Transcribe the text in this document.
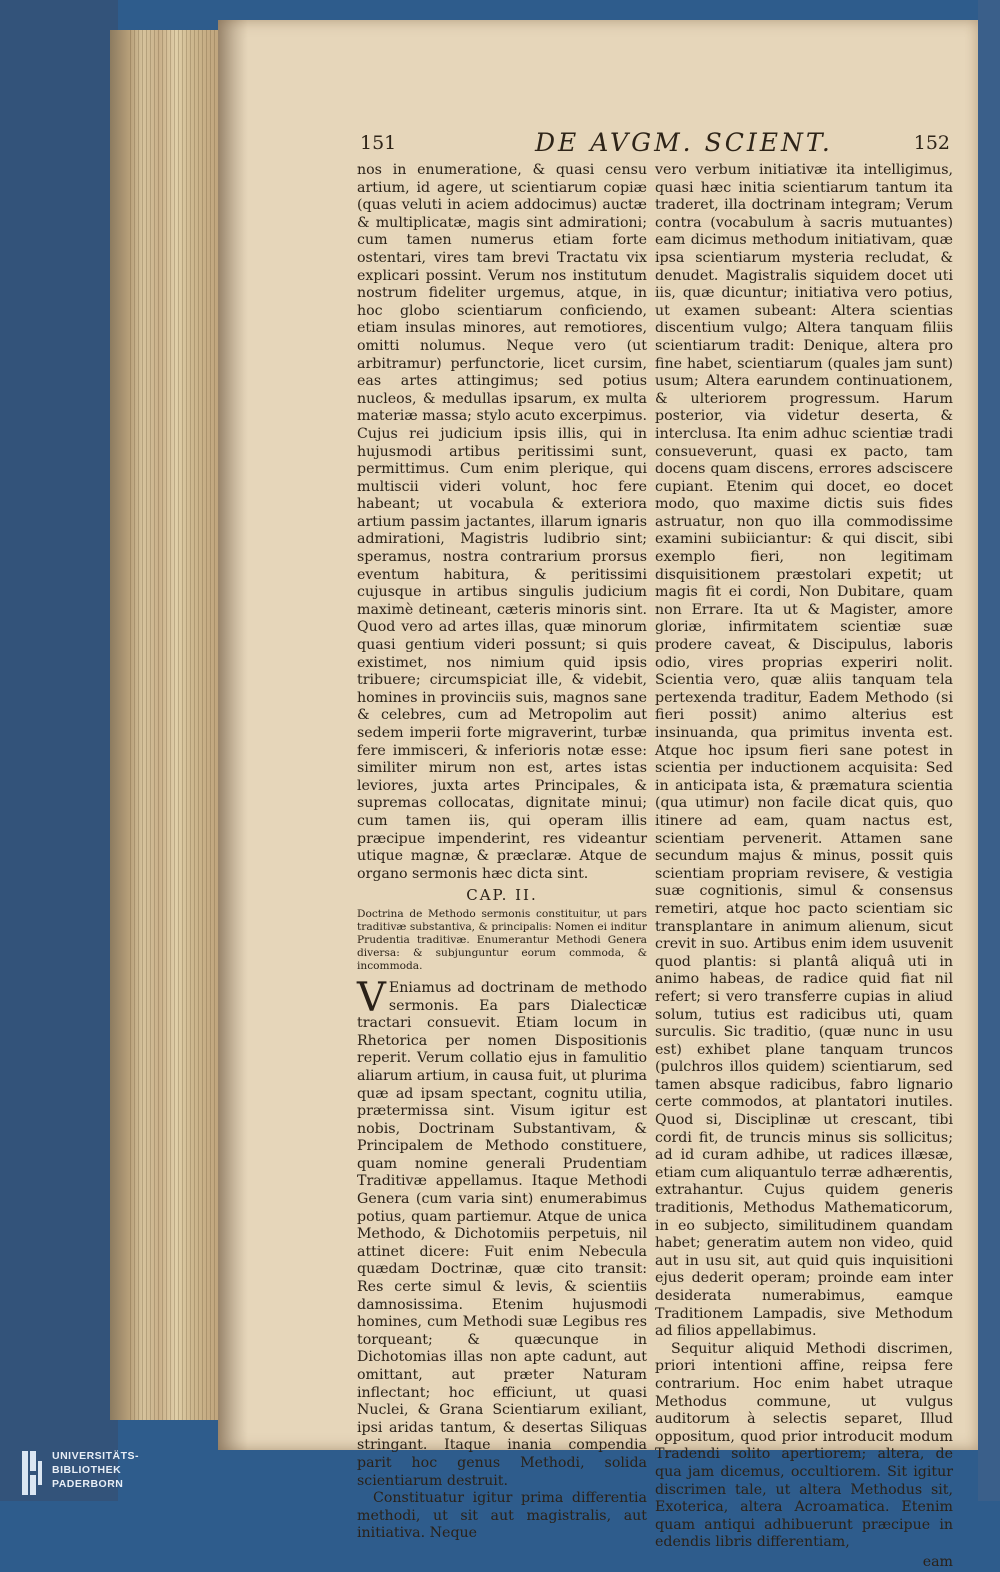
151	DE AVGM. SCIENT.	152

nos in enumeratione, & quasi censu artium, id agere, ut scientiarum copiæ (quas veluti in aciem addocimus) auctæ & multiplicatæ, magis sint admirationi; cum tamen numerus etiam forte ostentari, vires tam brevi Tractatu vix explicari possint. Verum nos institutum nostrum fideliter urgemus, atque, in hoc globo scientiarum conficiendo, etiam insulas minores, aut remotiores, omitti nolumus. Neque vero (ut arbitramur) perfunctorie, licet cursim, eas artes attingimus; sed potius nucleos, & medullas ipsarum, ex multa materiæ massa; stylo acuto excerpimus. Cujus rei judicium ipsis illis, qui in hujusmodi artibus peritissimi sunt, permittimus. Cum enim plerique, qui multiscii videri volunt, hoc fere habeant; ut vocabula & exteriora artium passim jactantes, illarum ignaris admirationi, Magistris ludibrio sint; speramus, nostra contrarium prorsus eventum habitura, & peritissimi cujusque in artibus singulis judicium maximè detineant, cæteris minoris sint. Quod vero ad artes illas, quæ minorum quasi gentium videri possunt; si quis existimet, nos nimium quid ipsis tribuere; circumspiciat ille, & videbit, homines in provinciis suis, magnos sane & celebres, cum ad Metropolim aut sedem imperii forte migraverint, turbæ fere immisceri, & inferioris notæ esse: similiter mirum non est, artes istas leviores, juxta artes Principales, & supremas collocatas, dignitate minui; cum tamen iis, qui operam illis præcipue impenderint, res videantur utique magnæ, & præclaræ. Atque de organo sermonis hæc dicta sint.

CAP. II.

Doctrina de Methodo sermonis constituitur, ut pars traditivæ substantiva, & principalis: Nomen ei inditur Prudentia traditivæ. Enumerantur Methodi Genera diversa: & subjunguntur eorum commoda, & incommoda.

V Eniamus ad doctrinam de methodo sermonis. Ea pars Dialecticæ tractari consuevit. Etiam locum in Rhetorica per nomen Dispositionis reperit. Verum collatio ejus in famulitio aliarum artium, in causa fuit, ut plurima quæ ad ipsam spectant, cognitu utilia, prætermissa sint. Visum igitur est nobis, Doctrinam Substantivam, & Principalem de Methodo constituere, quam nomine generali Prudentiam Traditivæ appellamus. Itaque Methodi Genera (cum varia sint) enumerabimus potius, quam partiemur. Atque de unica Methodo, & Dichotomiis perpetuis, nil attinet dicere: Fuit enim Nebecula quædam Doctrinæ, quæ cito transit: Res certe simul & levis, & scientiis damnosissima. Etenim hujusmodi homines, cum Methodi suæ Legibus res torqueant; & quæcunque in Dichotomias illas non apte cadunt, aut omittant, aut præter Naturam inflectant; hoc efficiunt, ut quasi Nuclei, & Grana Scientiarum exiliant, ipsi aridas tantum, & desertas Siliquas stringant. Itaque inania compendia parit hoc genus Methodi, solida scientiarum destruit.

Constituatur igitur prima differentia methodi, ut sit aut magistralis, aut initiativa. Neque

vero verbum initiativæ ita intelligimus, quasi hæc initia scientiarum tantum ita traderet, illa doctrinam integram; Verum contra (vocabulum à sacris mutuantes) eam dicimus methodum initiativam, quæ ipsa scientiarum mysteria recludat, & denudet. Magistralis siquidem docet uti iis, quæ dicuntur; initiativa vero potius, ut examen subeant: Altera scientias discentium vulgo; Altera tanquam filiis scientiarum tradit: Denique, altera pro fine habet, scientiarum (quales jam sunt) usum; Altera earundem continuationem, & ulteriorem progressum. Harum posterior, via videtur deserta, & interclusa. Ita enim adhuc scientiæ tradi consueverunt, quasi ex pacto, tam docens quam discens, errores adsciscere cupiant. Etenim qui docet, eo docet modo, quo maxime dictis suis fides astruatur, non quo illa commodissime examini subiiciantur: & qui discit, sibi exemplo fieri, non legitimam disquisitionem præstolari expetit; ut magis fit ei cordi, Non Dubitare, quam non Errare. Ita ut & Magister, amore gloriæ, infirmitatem scientiæ suæ prodere caveat, & Discipulus, laboris odio, vires proprias experiri nolit. Scientia vero, quæ aliis tanquam tela pertexenda traditur, Eadem Methodo (si fieri possit) animo alterius est insinuanda, qua primitus inventa est. Atque hoc ipsum fieri sane potest in scientia per inductionem acquisita: Sed in anticipata ista, & præmatura scientia (qua utimur) non facile dicat quis, quo itinere ad eam, quam nactus est, scientiam pervenerit. Attamen sane secundum majus & minus, possit quis scientiam propriam revisere, & vestigia suæ cognitionis, simul & consensus remetiri, atque hoc pacto scientiam sic transplantare in animum alienum, sicut crevit in suo. Artibus enim idem usuvenit quod plantis: si plantâ aliquâ uti in animo habeas, de radice quid fiat nil refert; si vero transferre cupias in aliud solum, tutius est radicibus uti, quam surculis. Sic traditio, (quæ nunc in usu est) exhibet plane tanquam truncos (pulchros illos quidem) scientiarum, sed tamen absque radicibus, fabro lignario certe commodos, at plantatori inutiles. Quod si, Disciplinæ ut crescant, tibi cordi fit, de truncis minus sis sollicitus; ad id curam adhibe, ut radices illæsæ, etiam cum aliquantulo terræ adhærentis, extrahantur. Cujus quidem generis traditionis, Methodus Mathematicorum, in eo subjecto, similitudinem quandam habet; generatim autem non video, quid aut in usu sit, aut quid quis inquisitioni ejus dederit operam; proinde eam inter desiderata numerabimus, eamque Traditionem Lampadis, sive Methodum ad filios appellabimus.

Sequitur aliquid Methodi discrimen, priori intentioni affine, reipsa fere contrarium. Hoc enim habet utraque Methodus commune, ut vulgus auditorum à selectis separet, Illud oppositum, quod prior introducit modum Tradendi solito apertiorem; altera, de qua jam dicemus, occultiorem. Sit igitur discrimen tale, ut altera Methodus sit, Exoterica, altera Acroamatica. Etenim quam antiqui adhibuerunt præcipue in edendis libris differentiam,

eam

UNIVERSITÄTS-
BIBLIOTHEK
PADERBORN
